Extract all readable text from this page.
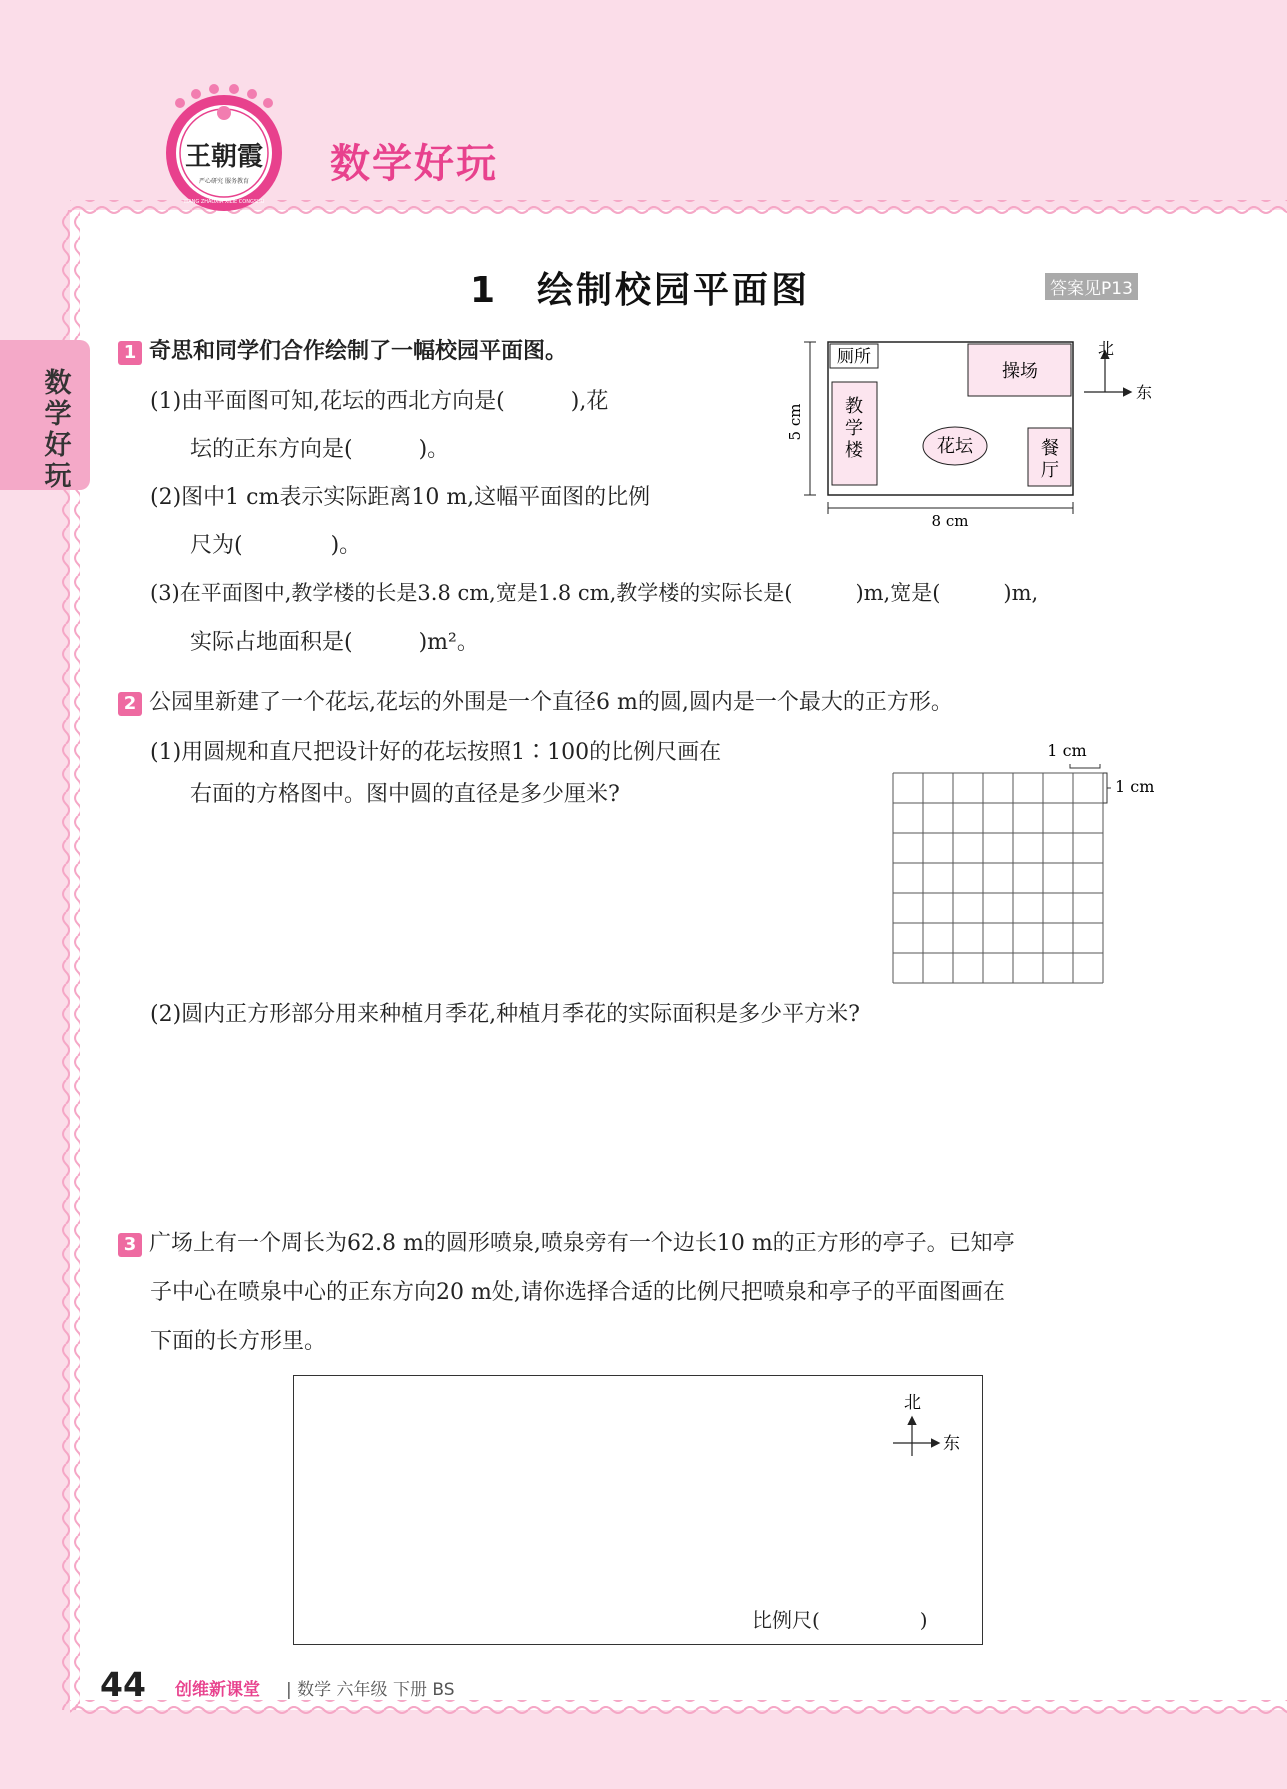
王朝霞
严心研究 服务教育
WANG ZHAOXIA XILIE CONGSHU
数学好玩
数学好玩
1　绘制校园平面图	答案见P13
1 奇思和同学们合作绘制了一幅校园平面图。
(1)由平面图可知,花坛的西北方向是(　　　),花
坛的正东方向是(　　　)。
(2)图中1 cm表示实际距离10 m,这幅平面图的比例
尺为(　　　　)。
(3)在平面图中,教学楼的长是3.8 cm,宽是1.8 cm,教学楼的实际长是(　　　)m,宽是(　　　)m,
实际占地面积是(　　　)m²。
厕所
操场
教
学
楼	花坛	餐
厅
5 cm
8 cm
北
东
2 公园里新建了一个花坛,花坛的外围是一个直径6 m的圆,圆内是一个最大的正方形。
(1)用圆规和直尺把设计好的花坛按照1∶100的比例尺画在
右面的方格图中。图中圆的直径是多少厘米?
1 cm
1 cm
(2)圆内正方形部分用来种植月季花,种植月季花的实际面积是多少平方米?
3 广场上有一个周长为62.8 m的圆形喷泉,喷泉旁有一个边长10 m的正方形的亭子。已知亭
子中心在喷泉中心的正东方向20 m处,请你选择合适的比例尺把喷泉和亭子的平面图画在
下面的长方形里。
北
东
比例尺(　　　　　)
44 创维新课堂 | 数学 六年级 下册 BS
